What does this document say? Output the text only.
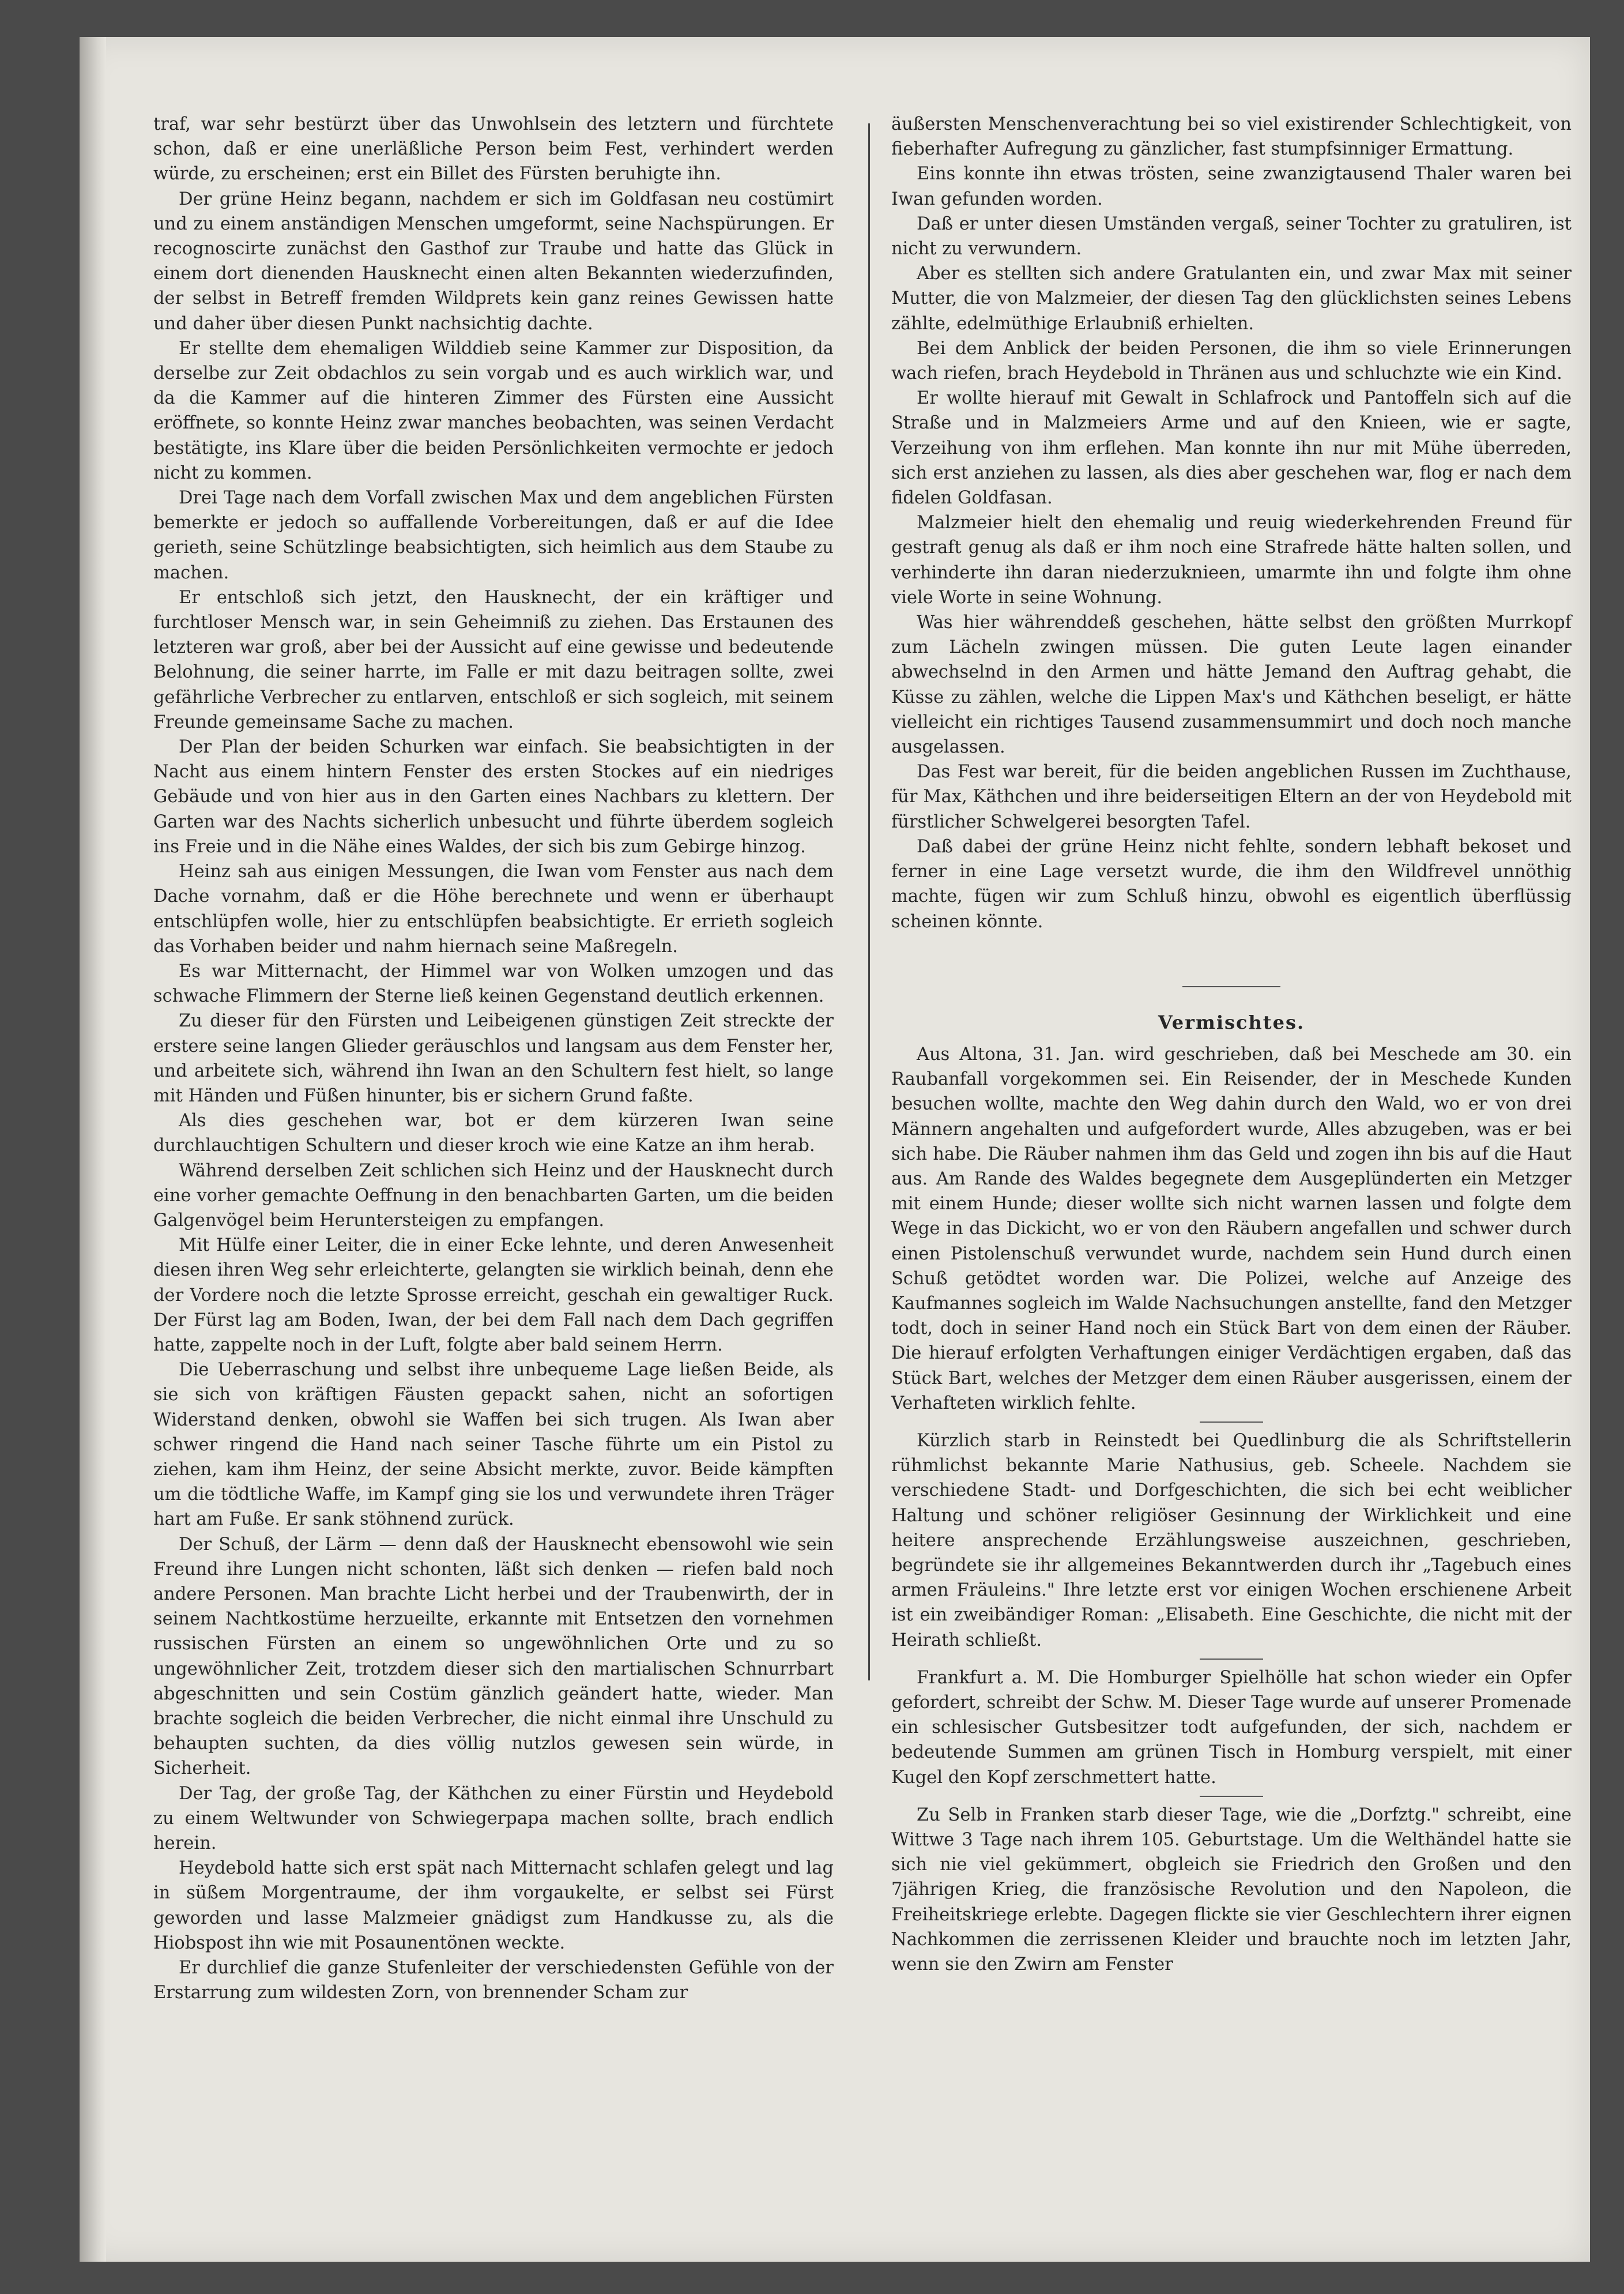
traf, war sehr bestürzt über das Unwohlsein des letztern und fürchtete schon, daß er eine unerläßliche Person beim Fest, verhindert werden würde, zu erscheinen; erst ein Billet des Fürsten beruhigte ihn.

Der grüne Heinz begann, nachdem er sich im Goldfasan neu costümirt und zu einem anständigen Menschen umgeformt, seine Nachspürungen. Er recognoscirte zunächst den Gasthof zur Traube und hatte das Glück in einem dort dienenden Hausknecht einen alten Bekannten wiederzufinden, der selbst in Betreff fremden Wildprets kein ganz reines Gewissen hatte und daher über diesen Punkt nachsichtig dachte.

Er stellte dem ehemaligen Wilddieb seine Kammer zur Disposition, da derselbe zur Zeit obdachlos zu sein vorgab und es auch wirklich war, und da die Kammer auf die hinteren Zimmer des Fürsten eine Aussicht eröffnete, so konnte Heinz zwar manches beobachten, was seinen Verdacht bestätigte, ins Klare über die beiden Persönlichkeiten vermochte er jedoch nicht zu kommen.

Drei Tage nach dem Vorfall zwischen Max und dem angeblichen Fürsten bemerkte er jedoch so auffallende Vorbereitungen, daß er auf die Idee gerieth, seine Schützlinge beabsichtigten, sich heimlich aus dem Staube zu machen.

Er entschloß sich jetzt, den Hausknecht, der ein kräftiger und furchtloser Mensch war, in sein Geheimniß zu ziehen. Das Erstaunen des letzteren war groß, aber bei der Aussicht auf eine gewisse und bedeutende Belohnung, die seiner harrte, im Falle er mit dazu beitragen sollte, zwei gefährliche Verbrecher zu entlarven, entschloß er sich sogleich, mit seinem Freunde gemeinsame Sache zu machen.

Der Plan der beiden Schurken war einfach. Sie beabsichtigten in der Nacht aus einem hintern Fenster des ersten Stockes auf ein niedriges Gebäude und von hier aus in den Garten eines Nachbars zu klettern. Der Garten war des Nachts sicherlich unbesucht und führte überdem sogleich ins Freie und in die Nähe eines Waldes, der sich bis zum Gebirge hinzog.

Heinz sah aus einigen Messungen, die Iwan vom Fenster aus nach dem Dache vornahm, daß er die Höhe berechnete und wenn er überhaupt entschlüpfen wolle, hier zu entschlüpfen beabsichtigte. Er errieth sogleich das Vorhaben beider und nahm hiernach seine Maßregeln.

Es war Mitternacht, der Himmel war von Wolken umzogen und das schwache Flimmern der Sterne ließ keinen Gegenstand deutlich erkennen.

Zu dieser für den Fürsten und Leibeigenen günstigen Zeit streckte der erstere seine langen Glieder geräuschlos und langsam aus dem Fenster her, und arbeitete sich, während ihn Iwan an den Schultern fest hielt, so lange mit Händen und Füßen hinunter, bis er sichern Grund faßte.

Als dies geschehen war, bot er dem kürzeren Iwan seine durchlauchtigen Schultern und dieser kroch wie eine Katze an ihm herab.

Während derselben Zeit schlichen sich Heinz und der Hausknecht durch eine vorher gemachte Oeffnung in den benachbarten Garten, um die beiden Galgenvögel beim Heruntersteigen zu empfangen.

Mit Hülfe einer Leiter, die in einer Ecke lehnte, und deren Anwesenheit diesen ihren Weg sehr erleichterte, gelangten sie wirklich beinah, denn ehe der Vordere noch die letzte Sprosse erreicht, geschah ein gewaltiger Ruck. Der Fürst lag am Boden, Iwan, der bei dem Fall nach dem Dach gegriffen hatte, zappelte noch in der Luft, folgte aber bald seinem Herrn.

Die Ueberraschung und selbst ihre unbequeme Lage ließen Beide, als sie sich von kräftigen Fäusten gepackt sahen, nicht an sofortigen Widerstand denken, obwohl sie Waffen bei sich trugen. Als Iwan aber schwer ringend die Hand nach seiner Tasche führte um ein Pistol zu ziehen, kam ihm Heinz, der seine Absicht merkte, zuvor. Beide kämpften um die tödtliche Waffe, im Kampf ging sie los und verwundete ihren Träger hart am Fuße. Er sank stöhnend zurück.

Der Schuß, der Lärm — denn daß der Hausknecht ebensowohl wie sein Freund ihre Lungen nicht schonten, läßt sich denken — riefen bald noch andere Personen. Man brachte Licht herbei und der Traubenwirth, der in seinem Nachtkostüme herzueilte, erkannte mit Entsetzen den vornehmen russischen Fürsten an einem so ungewöhnlichen Orte und zu so ungewöhnlicher Zeit, trotzdem dieser sich den martialischen Schnurrbart abgeschnitten und sein Costüm gänzlich geändert hatte, wieder. Man brachte sogleich die beiden Verbrecher, die nicht einmal ihre Unschuld zu behaupten suchten, da dies völlig nutzlos gewesen sein würde, in Sicherheit.

Der Tag, der große Tag, der Käthchen zu einer Fürstin und Heydebold zu einem Weltwunder von Schwiegerpapa machen sollte, brach endlich herein.

Heydebold hatte sich erst spät nach Mitternacht schlafen gelegt und lag in süßem Morgentraume, der ihm vorgaukelte, er selbst sei Fürst geworden und lasse Malzmeier gnädigst zum Handkusse zu, als die Hiobspost ihn wie mit Posaunentönen weckte.

Er durchlief die ganze Stufenleiter der verschiedensten Gefühle von der Erstarrung zum wildesten Zorn, von brennender Scham zur

äußersten Menschenverachtung bei so viel existirender Schlechtigkeit, von fieberhafter Aufregung zu gänzlicher, fast stumpfsinniger Ermattung.

Eins konnte ihn etwas trösten, seine zwanzigtausend Thaler waren bei Iwan gefunden worden.

Daß er unter diesen Umständen vergaß, seiner Tochter zu gratuliren, ist nicht zu verwundern.

Aber es stellten sich andere Gratulanten ein, und zwar Max mit seiner Mutter, die von Malzmeier, der diesen Tag den glücklichsten seines Lebens zählte, edelmüthige Erlaubniß erhielten.

Bei dem Anblick der beiden Personen, die ihm so viele Erinnerungen wach riefen, brach Heydebold in Thränen aus und schluchzte wie ein Kind.

Er wollte hierauf mit Gewalt in Schlafrock und Pantoffeln sich auf die Straße und in Malzmeiers Arme und auf den Knieen, wie er sagte, Verzeihung von ihm erflehen. Man konnte ihn nur mit Mühe überreden, sich erst anziehen zu lassen, als dies aber geschehen war, flog er nach dem fidelen Goldfasan.

Malzmeier hielt den ehemalig und reuig wiederkehrenden Freund für gestraft genug als daß er ihm noch eine Strafrede hätte halten sollen, und verhinderte ihn daran niederzuknieen, umarmte ihn und folgte ihm ohne viele Worte in seine Wohnung.

Was hier währenddeß geschehen, hätte selbst den größten Murrkopf zum Lächeln zwingen müssen. Die guten Leute lagen einander abwechselnd in den Armen und hätte Jemand den Auftrag gehabt, die Küsse zu zählen, welche die Lippen Max's und Käthchen beseligt, er hätte vielleicht ein richtiges Tausend zusammensummirt und doch noch manche ausgelassen.

Das Fest war bereit, für die beiden angeblichen Russen im Zuchthause, für Max, Käthchen und ihre beiderseitigen Eltern an der von Heydebold mit fürstlicher Schwelgerei besorgten Tafel.

Daß dabei der grüne Heinz nicht fehlte, sondern lebhaft bekoset und ferner in eine Lage versetzt wurde, die ihm den Wildfrevel unnöthig machte, fügen wir zum Schluß hinzu, obwohl es eigentlich überflüssig scheinen könnte.

Vermischtes.

Aus Altona, 31. Jan. wird geschrieben, daß bei Meschede am 30. ein Raubanfall vorgekommen sei. Ein Reisender, der in Meschede Kunden besuchen wollte, machte den Weg dahin durch den Wald, wo er von drei Männern angehalten und aufgefordert wurde, Alles abzugeben, was er bei sich habe. Die Räuber nahmen ihm das Geld und zogen ihn bis auf die Haut aus. Am Rande des Waldes begegnete dem Ausgeplünderten ein Metzger mit einem Hunde; dieser wollte sich nicht warnen lassen und folgte dem Wege in das Dickicht, wo er von den Räubern angefallen und schwer durch einen Pistolenschuß verwundet wurde, nachdem sein Hund durch einen Schuß getödtet worden war. Die Polizei, welche auf Anzeige des Kaufmannes sogleich im Walde Nachsuchungen anstellte, fand den Metzger todt, doch in seiner Hand noch ein Stück Bart von dem einen der Räuber. Die hierauf erfolgten Verhaftungen einiger Verdächtigen ergaben, daß das Stück Bart, welches der Metzger dem einen Räuber ausgerissen, einem der Verhafteten wirklich fehlte.

Kürzlich starb in Reinstedt bei Quedlinburg die als Schriftstellerin rühmlichst bekannte Marie Nathusius, geb. Scheele. Nachdem sie verschiedene Stadt- und Dorfgeschichten, die sich bei echt weiblicher Haltung und schöner religiöser Gesinnung der Wirklichkeit und eine heitere ansprechende Erzählungsweise auszeichnen, geschrieben, begründete sie ihr allgemeines Bekanntwerden durch ihr „Tagebuch eines armen Fräuleins." Ihre letzte erst vor einigen Wochen erschienene Arbeit ist ein zweibändiger Roman: „Elisabeth. Eine Geschichte, die nicht mit der Heirath schließt.

Frankfurt a. M. Die Homburger Spielhölle hat schon wieder ein Opfer gefordert, schreibt der Schw. M. Dieser Tage wurde auf unserer Promenade ein schlesischer Gutsbesitzer todt aufgefunden, der sich, nachdem er bedeutende Summen am grünen Tisch in Homburg verspielt, mit einer Kugel den Kopf zerschmettert hatte.

Zu Selb in Franken starb dieser Tage, wie die „Dorfztg." schreibt, eine Wittwe 3 Tage nach ihrem 105. Geburtstage. Um die Welthändel hatte sie sich nie viel gekümmert, obgleich sie Friedrich den Großen und den 7jährigen Krieg, die französische Revolution und den Napoleon, die Freiheitskriege erlebte. Dagegen flickte sie vier Geschlechtern ihrer eignen Nachkommen die zerrissenen Kleider und brauchte noch im letzten Jahr, wenn sie den Zwirn am Fenster
